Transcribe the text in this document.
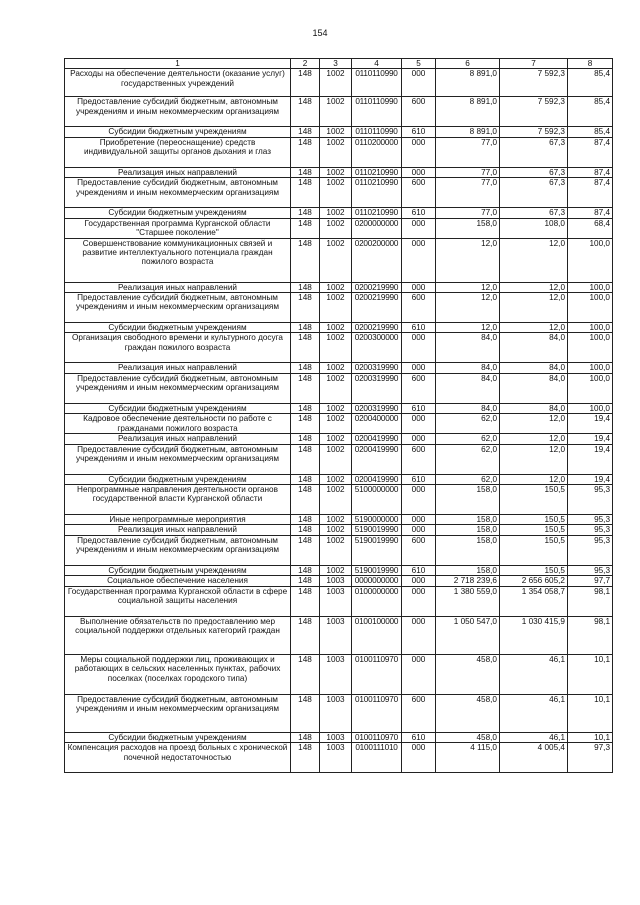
154
1	2	3	4	5	6	7	8
Расходы на обеспечение деятельности (оказание услуг) государственных учреждений	148	1002	0110110990	000	8 891,0	7 592,3	85,4
Предоставление субсидий бюджетным, автономным учреждениям и иным некоммерческим организациям	148	1002	0110110990	600	8 891,0	7 592,3	85,4
Субсидии бюджетным учреждениям	148	1002	0110110990	610	8 891,0	7 592,3	85,4
Приобретение (переоснащение) средств индивидуальной защиты органов дыхания и глаз	148	1002	0110200000	000	77,0	67,3	87,4
Реализация иных направлений	148	1002	0110210990	000	77,0	67,3	87,4
Предоставление субсидий бюджетным, автономным учреждениям и иным некоммерческим организациям	148	1002	0110210990	600	77,0	67,3	87,4
Субсидии бюджетным учреждениям	148	1002	0110210990	610	77,0	67,3	87,4
Государственная программа Курганской области "Старшее поколение"	148	1002	0200000000	000	158,0	108,0	68,4
Совершенствование коммуникационных связей и развитие интеллектуального потенциала граждан пожилого возраста	148	1002	0200200000	000	12,0	12,0	100,0
Реализация иных направлений	148	1002	0200219990	000	12,0	12,0	100,0
Предоставление субсидий бюджетным, автономным учреждениям и иным некоммерческим организациям	148	1002	0200219990	600	12,0	12,0	100,0
Субсидии бюджетным учреждениям	148	1002	0200219990	610	12,0	12,0	100,0
Организация свободного времени и культурного досуга граждан пожилого возраста	148	1002	0200300000	000	84,0	84,0	100,0
Реализация иных направлений	148	1002	0200319990	000	84,0	84,0	100,0
Предоставление субсидий бюджетным, автономным учреждениям и иным некоммерческим организациям	148	1002	0200319990	600	84,0	84,0	100,0
Субсидии бюджетным учреждениям	148	1002	0200319990	610	84,0	84,0	100,0
Кадровое обеспечение деятельности по работе с гражданами пожилого возраста	148	1002	0200400000	000	62,0	12,0	19,4
Реализация иных направлений	148	1002	0200419990	000	62,0	12,0	19,4
Предоставление субсидий бюджетным, автономным учреждениям и иным некоммерческим организациям	148	1002	0200419990	600	62,0	12,0	19,4
Субсидии бюджетным учреждениям	148	1002	0200419990	610	62,0	12,0	19,4
Непрограммные направления деятельности органов государственной власти Курганской области	148	1002	5100000000	000	158,0	150,5	95,3
Иные непрограммные мероприятия	148	1002	5190000000	000	158,0	150,5	95,3
Реализация иных направлений	148	1002	5190019990	000	158,0	150,5	95,3
Предоставление субсидий бюджетным, автономным учреждениям и иным некоммерческим организациям	148	1002	5190019990	600	158,0	150,5	95,3
Субсидии бюджетным учреждениям	148	1002	5190019990	610	158,0	150,5	95,3
Социальное обеспечение населения	148	1003	0000000000	000	2 718 239,6	2 656 605,2	97,7
Государственная программа Курганской области в сфере социальной защиты населения	148	1003	0100000000	000	1 380 559,0	1 354 058,7	98,1
Выполнение обязательств по предоставлению мер социальной поддержки отдельных категорий граждан	148	1003	0100100000	000	1 050 547,0	1 030 415,9	98,1
Меры социальной поддержки лиц, проживающих и работающих в сельских населенных пунктах, рабочих поселках (поселках городского типа)	148	1003	0100110970	000	458,0	46,1	10,1
Предоставление субсидий бюджетным, автономным учреждениям и иным некоммерческим организациям	148	1003	0100110970	600	458,0	46,1	10,1
Субсидии бюджетным учреждениям	148	1003	0100110970	610	458,0	46,1	10,1
Компенсация расходов на проезд больных с хронической почечной недостаточностью	148	1003	0100111010	000	4 115,0	4 005,4	97,3
